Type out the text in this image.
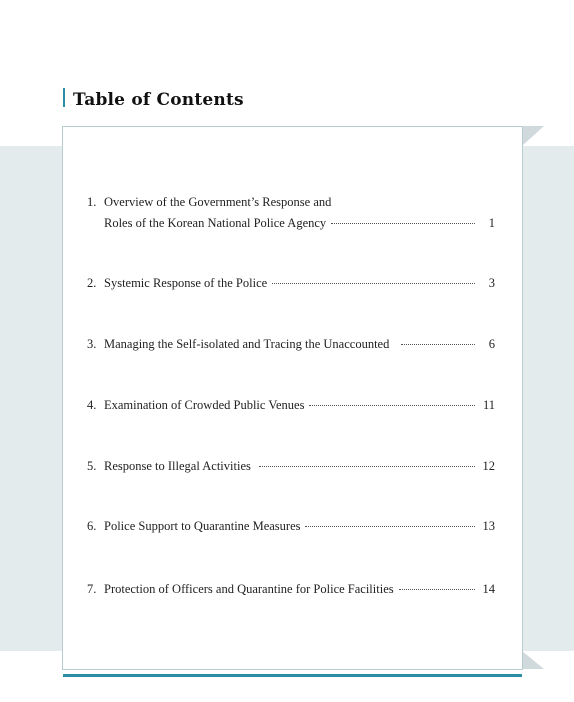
Table of Contents
1. Overview of the Government’s Response and
Roles of the Korean National Police Agency	1
2. Systemic Response of the Police	3
3. Managing the Self-isolated and Tracing the Unaccounted	6
4. Examination of Crowded Public Venues	11
5. Response to Illegal Activities	12
6. Police Support to Quarantine Measures	13
7. Protection of Officers and Quarantine for Police Facilities	14
